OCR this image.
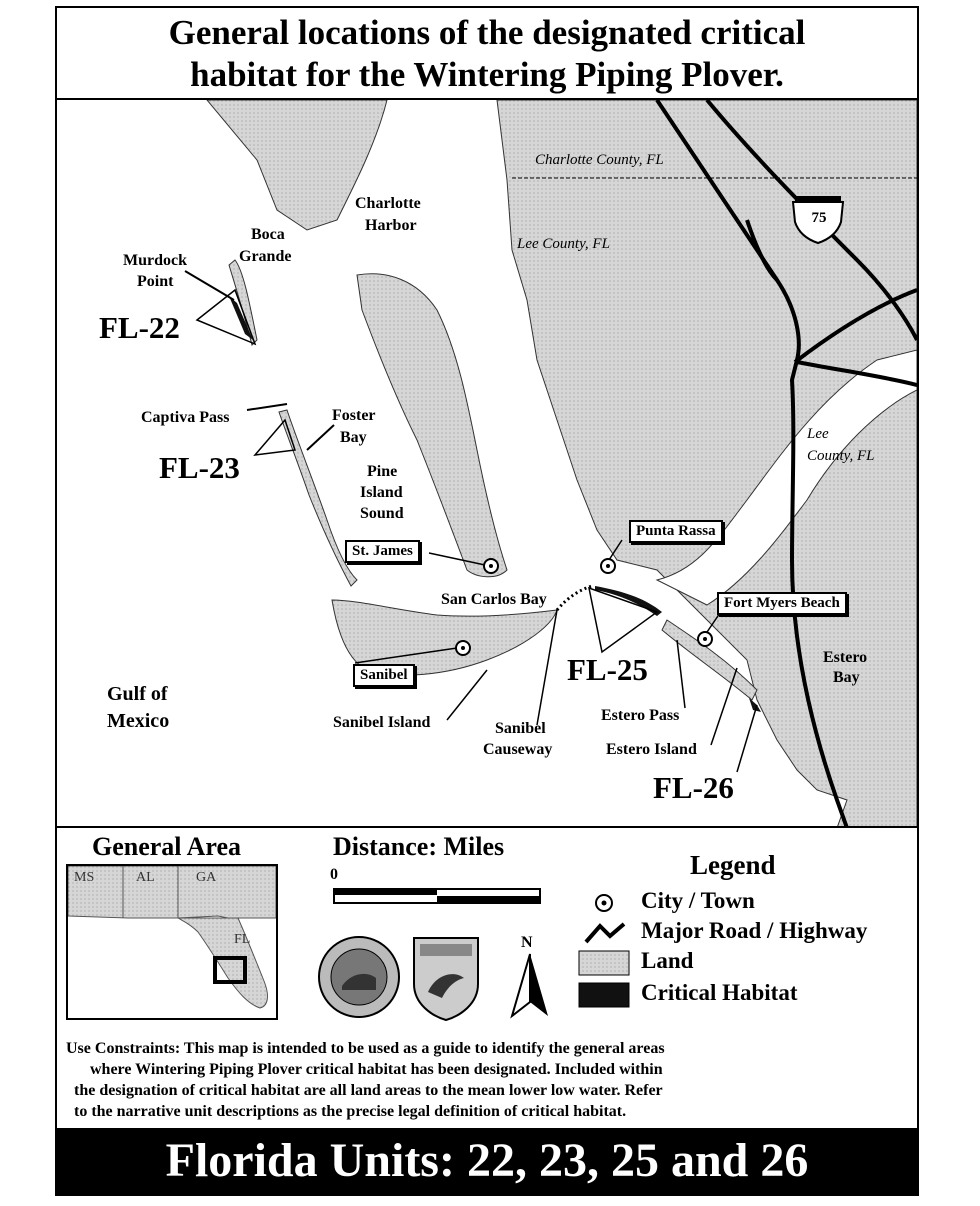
General locations of the designated critical
habitat for the Wintering Piping Plover.
Charlotte County, FL
Lee County, FL
Lee
County, FL
75
Charlotte
Harbor
Boca
Grande
Murdock
Point
Captiva Pass	Foster
Bay
Pine
Island
Sound
San Carlos Bay
Gulf of
Mexico	Sanibel Island	Sanibel
Causeway
Estero Pass
Estero Island
Estero
Bay
St. James
Punta Rassa
Fort Myers Beach
Sanibel
FL-22
FL-23
FL-25
FL-26
General Area
MS	AL	GA
FL
Distance: Miles
0
N
Legend
City / Town
Major Road / Highway
Land
Critical Habitat
Use Constraints: This map is intended to be used as a guide to identify the general areas
where Wintering Piping Plover critical habitat has been designated. Included within
the designation of critical habitat are all land areas to the mean lower low water. Refer
to the narrative unit descriptions as the precise legal definition of critical habitat.
Florida Units: 22, 23, 25 and 26
